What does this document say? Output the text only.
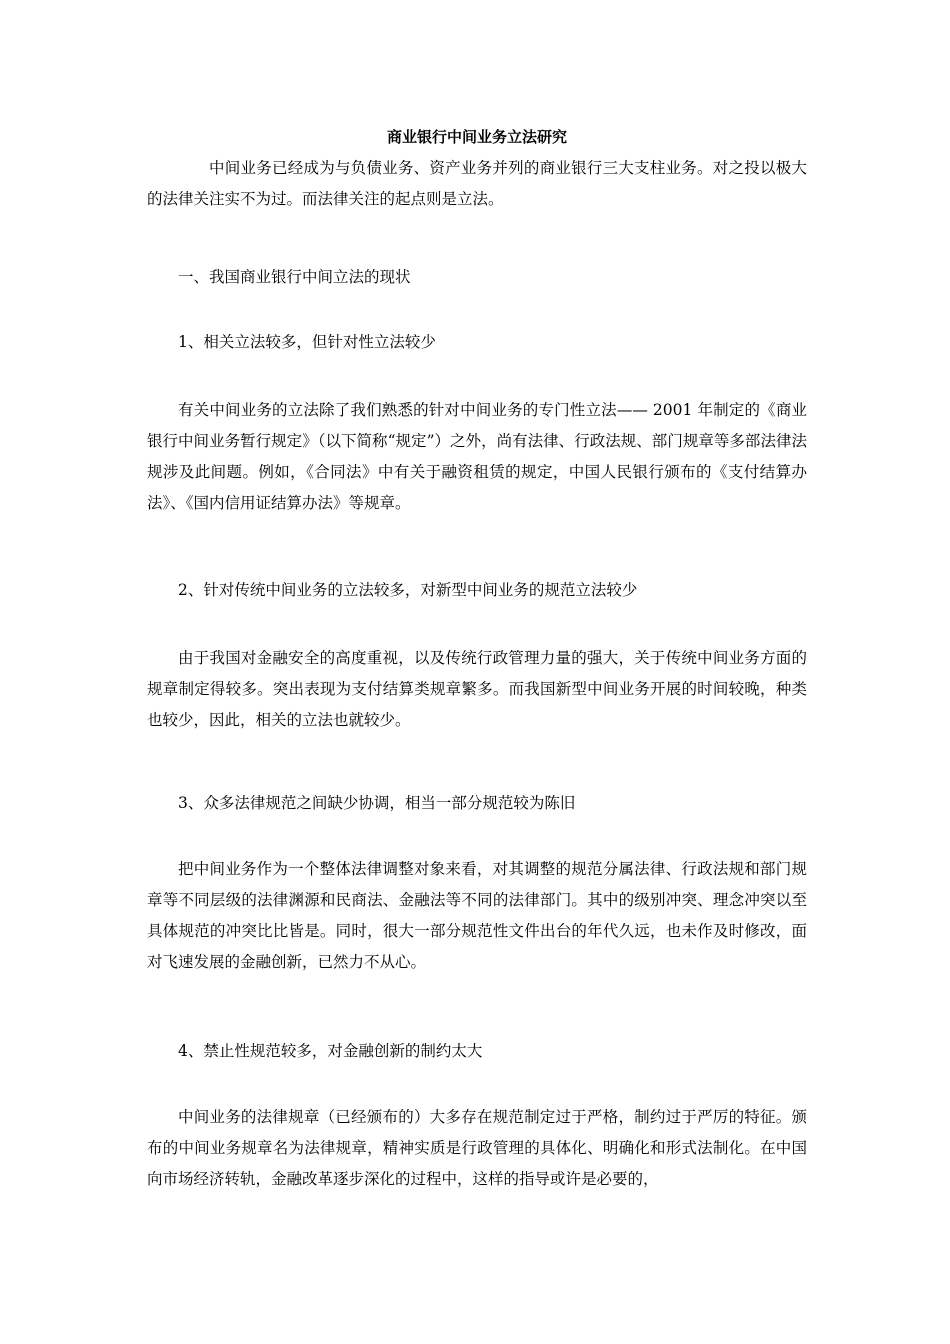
商业银行中间业务立法研究

中间业务已经成为与负债业务、资产业务并列的商业银行三大支柱业务。对之投以极大的法律关注实不为过。而法律关注的起点则是立法。

一、我国商业银行中间立法的现状

1、相关立法较多，但针对性立法较少

有关中间业务的立法除了我们熟悉的针对中间业务的专门性立法—— 2001 年制定的《商业银行中间业务暂行规定》（以下简称“规定”）之外，尚有法律、行政法规、部门规章等多部法律法规涉及此间题。例如，《合同法》中有关于融资租赁的规定，中国人民银行颁布的《支付结算办法》、《国内信用证结算办法》等规章。

2、针对传统中间业务的立法较多，对新型中间业务的规范立法较少

由于我国对金融安全的高度重视，以及传统行政管理力量的强大，关于传统中间业务方面的规章制定得较多。突出表现为支付结算类规章繁多。而我国新型中间业务开展的时间较晚，种类也较少，因此，相关的立法也就较少。

3、众多法律规范之间缺少协调，相当一部分规范较为陈旧

把中间业务作为一个整体法律调整对象来看，对其调整的规范分属法律、行政法规和部门规章等不同层级的法律渊源和民商法、金融法等不同的法律部门。其中的级别冲突、理念冲突以至具体规范的冲突比比皆是。同时，很大一部分规范性文件出台的年代久远，也未作及时修改，面对飞速发展的金融创新，已然力不从心。

4、禁止性规范较多，对金融创新的制约太大

中间业务的法律规章（已经颁布的）大多存在规范制定过于严格，制约过于严厉的特征。颁布的中间业务规章名为法律规章，精神实质是行政管理的具体化、明确化和形式法制化。在中国向市场经济转轨，金融改革逐步深化的过程中，这样的指导或许是必要的，
